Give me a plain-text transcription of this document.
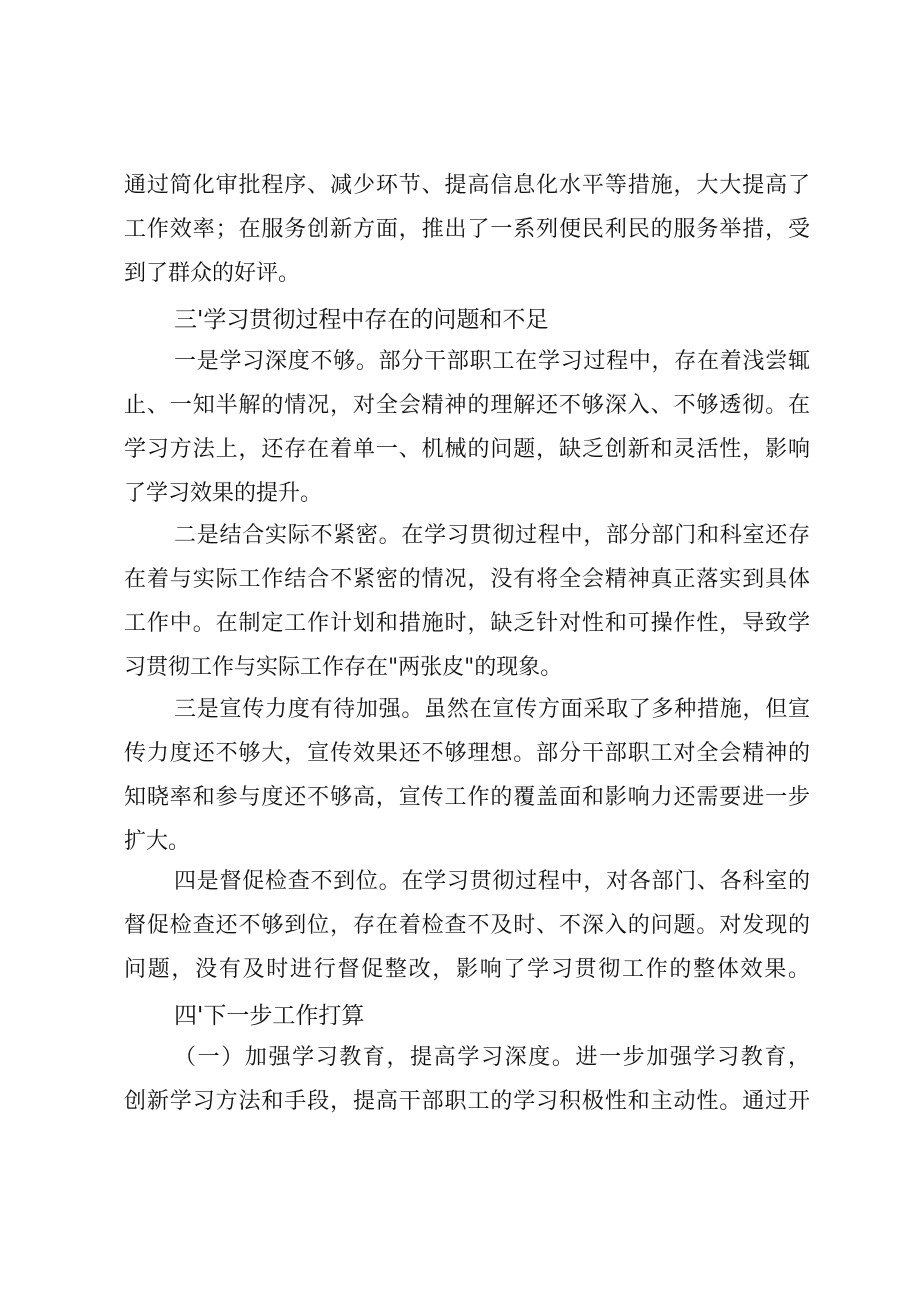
通过简化审批程序、减少环节、提高信息化水平等措施，大大提高了
工作效率；在服务创新方面，推出了一系列便民利民的服务举措，受
到了群众的好评。
三'学习贯彻过程中存在的问题和不足
一是学习深度不够。部分干部职工在学习过程中，存在着浅尝辄
止、一知半解的情况，对全会精神的理解还不够深入、不够透彻。在
学习方法上，还存在着单一、机械的问题，缺乏创新和灵活性，影响
了学习效果的提升。
二是结合实际不紧密。在学习贯彻过程中，部分部门和科室还存
在着与实际工作结合不紧密的情况，没有将全会精神真正落实到具体
工作中。在制定工作计划和措施时，缺乏针对性和可操作性，导致学
习贯彻工作与实际工作存在"两张皮"的现象。
三是宣传力度有待加强。虽然在宣传方面采取了多种措施，但宣
传力度还不够大，宣传效果还不够理想。部分干部职工对全会精神的
知晓率和参与度还不够高，宣传工作的覆盖面和影响力还需要进一步
扩大。
四是督促检查不到位。在学习贯彻过程中，对各部门、各科室的
督促检查还不够到位，存在着检查不及时、不深入的问题。对发现的
问题，没有及时进行督促整改，影响了学习贯彻工作的整体效果。
四'下一步工作打算
（一）加强学习教育，提高学习深度。进一步加强学习教育，
创新学习方法和手段，提高干部职工的学习积极性和主动性。通过开
